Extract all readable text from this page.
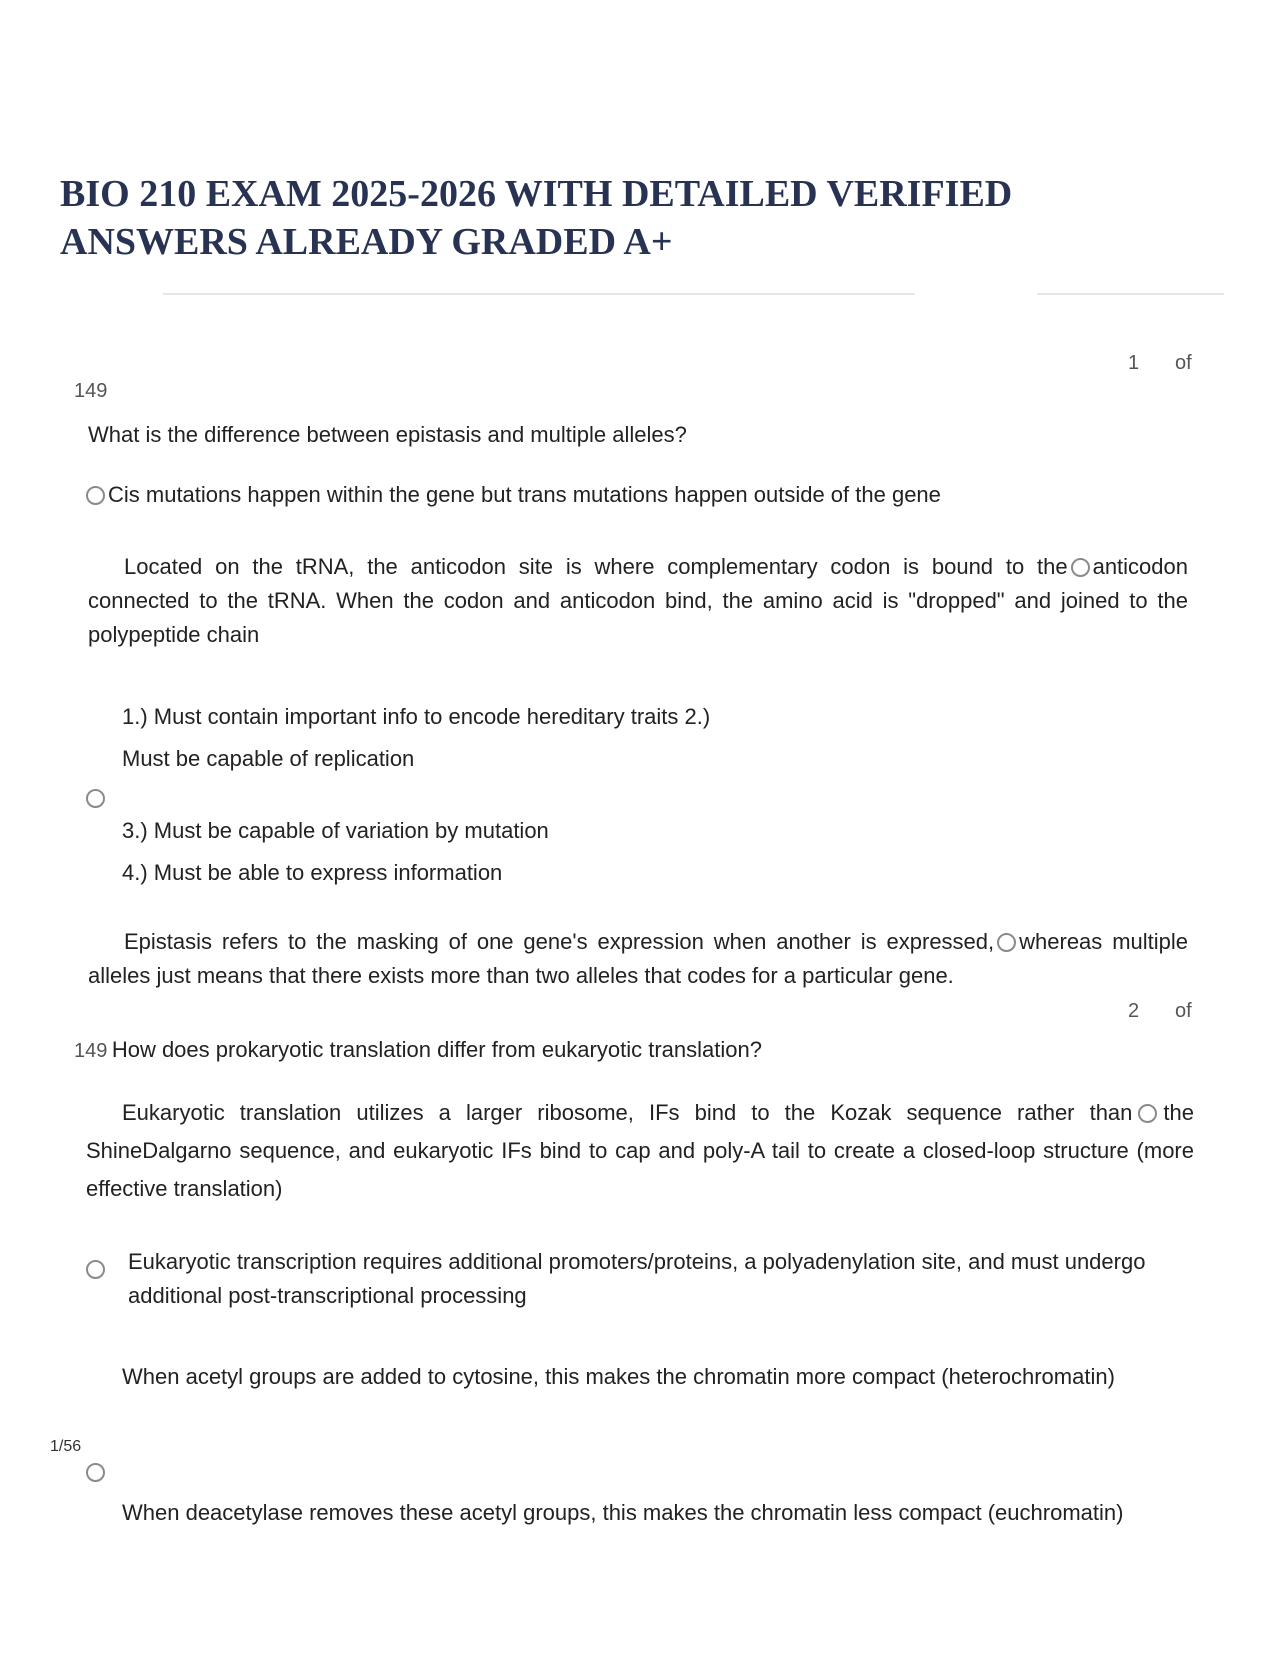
BIO 210 EXAM 2025-2026 WITH DETAILED VERIFIED ANSWERS ALREADY GRADED A+
1 of
149
What is the difference between epistasis and multiple alleles?
Cis mutations happen within the gene but trans mutations happen outside of the gene
Located on the tRNA, the anticodon site is where complementary codon is bound to the anticodon connected to the tRNA. When the codon and anticodon bind, the amino acid is "dropped" and joined to the polypeptide chain
1.) Must contain important info to encode hereditary traits 2.)
Must be capable of replication
3.) Must be capable of variation by mutation
4.) Must be able to express information
Epistasis refers to the masking of one gene's expression when another is expressed, whereas multiple alleles just means that there exists more than two alleles that codes for a particular gene.
2 of
149 How does prokaryotic translation differ from eukaryotic translation?
Eukaryotic translation utilizes a larger ribosome, IFs bind to the Kozak sequence rather than the ShineDalgarno sequence, and eukaryotic IFs bind to cap and poly-A tail to create a closed-loop structure (more effective translation)
Eukaryotic transcription requires additional promoters/proteins, a polyadenylation site, and must undergo additional post-transcriptional processing
When acetyl groups are added to cytosine, this makes the chromatin more compact (heterochromatin)
When deacetylase removes these acetyl groups, this makes the chromatin less compact (euchromatin)
1/56
